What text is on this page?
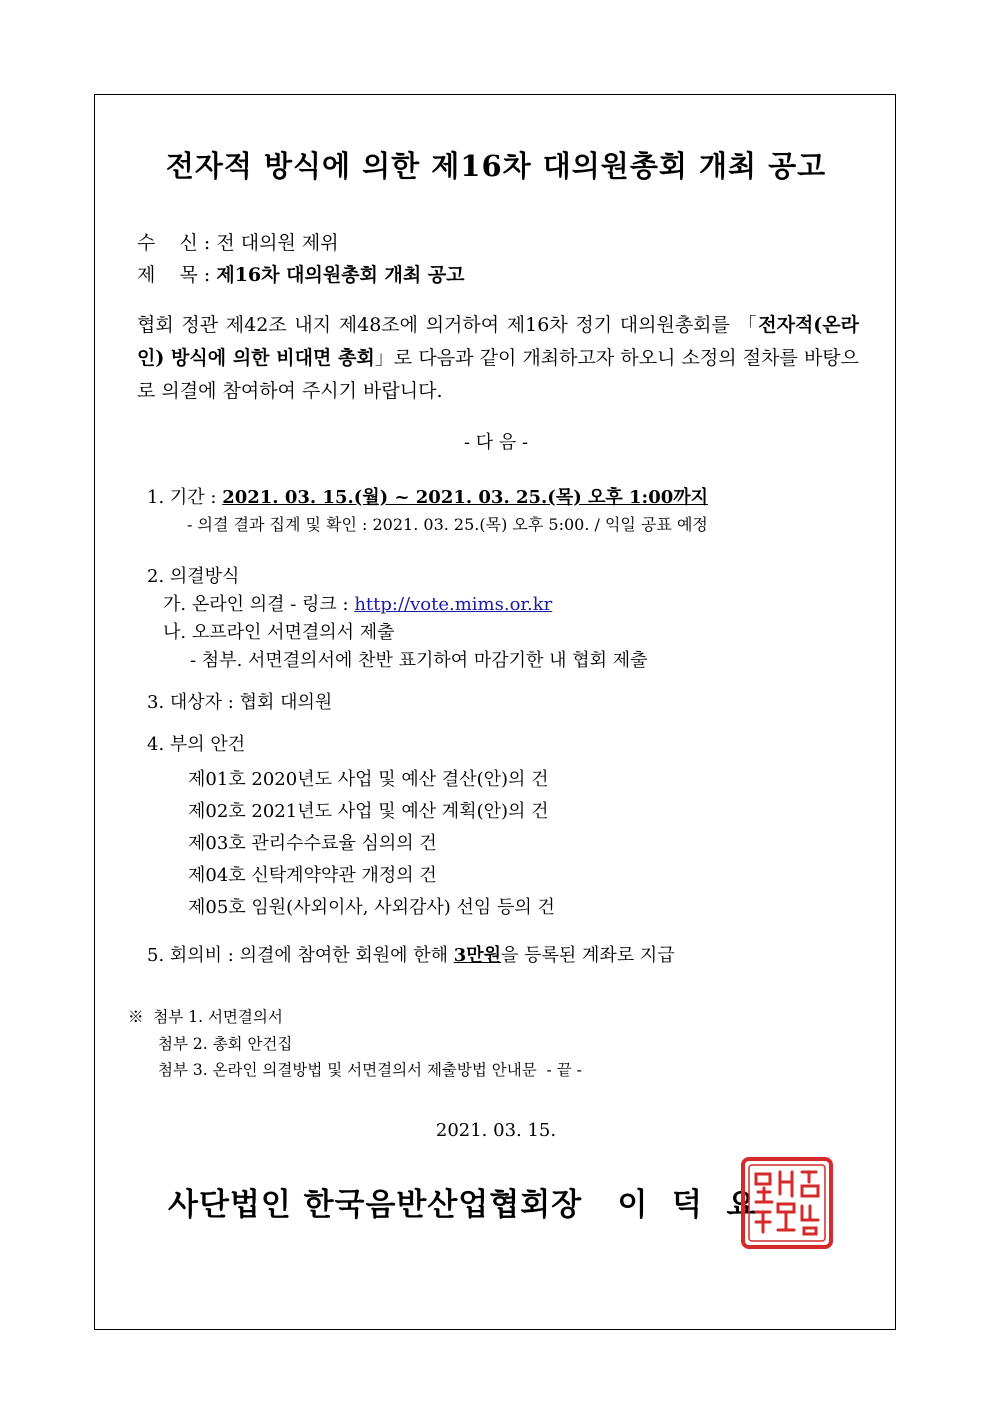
전자적 방식에 의한 제16차 대의원총회 개최 공고
수    신 : 전 대의원 제위
제    목 : 제16차 대의원총회 개최 공고
협회 정관 제42조 내지 제48조에 의거하여 제16차 정기 대의원총회를 「전자적(온라인) 방식에 의한 비대면 총회」로 다음과 같이 개최하고자 하오니 소정의 절차를 바탕으로 의결에 참여하여 주시기 바랍니다.
- 다 음 -
1. 기간 : 2021. 03. 15.(월) ~ 2021. 03. 25.(목) 오후 1:00까지
- 의결 결과 집계 및 확인 : 2021. 03. 25.(목) 오후 5:00. / 익일 공표 예정
2. 의결방식
가. 온라인 의결 - 링크 : http://vote.mims.or.kr
나. 오프라인 서면결의서 제출
- 첨부. 서면결의서에 찬반 표기하여 마감기한 내 협회 제출
3. 대상자 : 협회 대의원
4. 부의 안건
제01호 2020년도 사업 및 예산 결산(안)의 건
제02호 2021년도 사업 및 예산 계획(안)의 건
제03호 관리수수료율 심의의 건
제04호 신탁계약약관 개정의 건
제05호 임원(사외이사, 사외감사) 선임 등의 건
5. 회의비 : 의결에 참여한 회원에 한해 3만원을 등록된 계좌로 지급
※  첨부 1. 서면결의서
첨부 2. 총회 안건집
첨부 3. 온라인 의결방법 및 서면결의서 제출방법 안내문  - 끝 -
2021. 03. 15.
사단법인 한국음반산업협회장   이  덕  요
